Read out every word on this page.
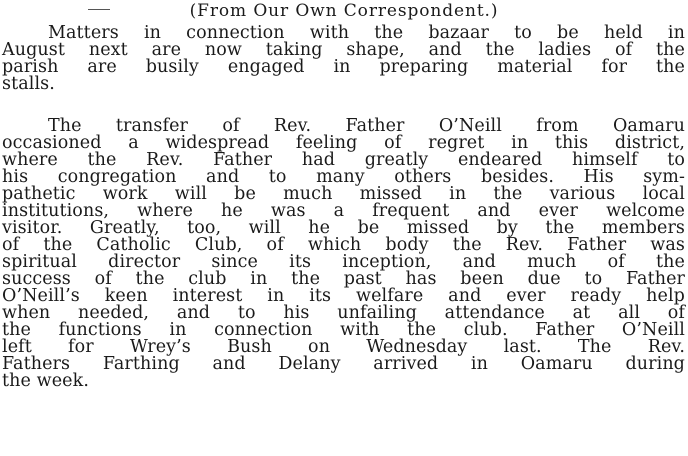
(From Our Own Correspondent.)
Matters in connection with the bazaar to be held in
August next are now taking shape, and the ladies of the
parish are busily engaged in preparing material for the
stalls.
The transfer of Rev. Father O’Neill from Oamaru
occasioned a widespread feeling of regret in this district,
where the Rev. Father had greatly endeared himself to
his congregation and to many others besides. His sym-
pathetic work will be much missed in the various local
institutions, where he was a frequent and ever welcome
visitor. Greatly, too, will he be missed by the members
of the Catholic Club, of which body the Rev. Father was
spiritual director since its inception, and much of the
success of the club in the past has been due to Father
O’Neill’s keen interest in its welfare and ever ready help
when needed, and to his unfailing attendance at all of
the functions in connection with the club. Father O’Neill
left for Wrey’s Bush on Wednesday last. The Rev.
Fathers Farthing and Delany arrived in Oamaru during
the week.
